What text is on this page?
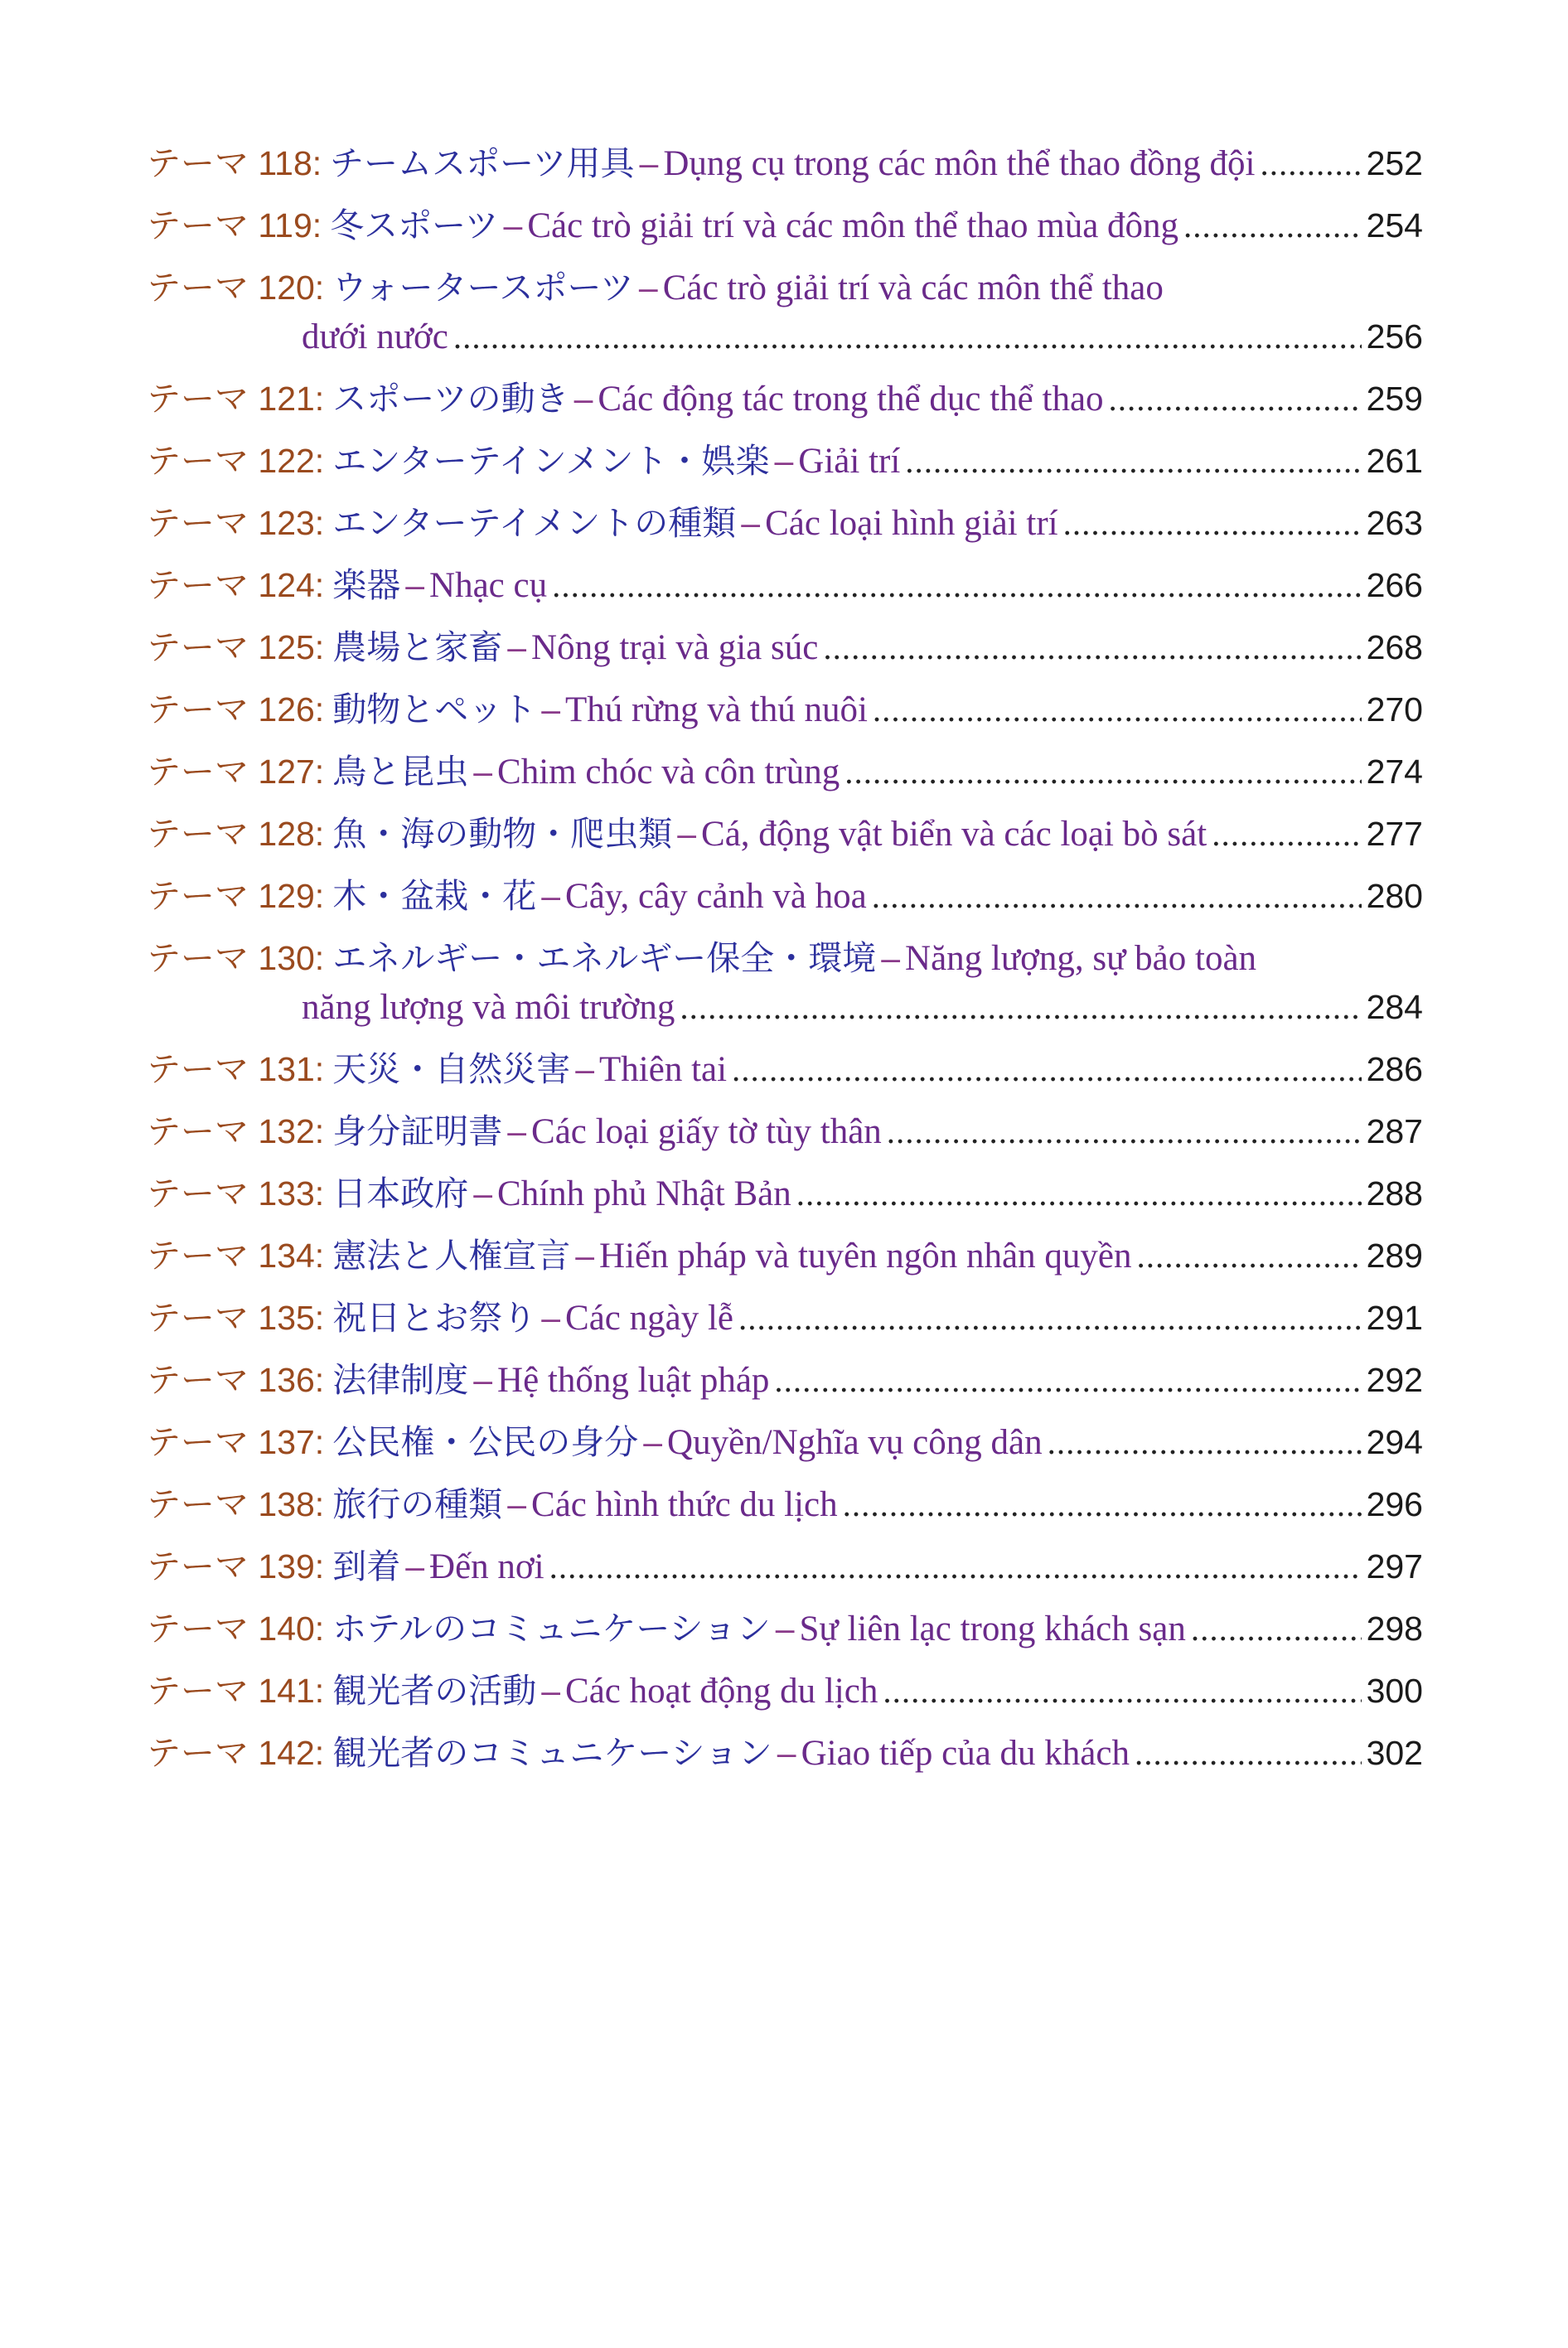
テーマ 118: チームスポーツ用具 – Dụng cụ trong các môn thể thao đồng đội .....	252
テーマ 119: 冬スポーツ – Các trò giải trí và các môn thể thao mùa đông .....	254
テーマ 120: ウォータースポーツ – Các trò giải trí và các môn thể thao
dưới nước .....	256
テーマ 121: スポーツの動き – Các động tác trong thể dục thể thao .....	259
テーマ 122: エンターテインメント・娯楽 – Giải trí .....	261
テーマ 123: エンターテイメントの種類 – Các loại hình giải trí .....	263
テーマ 124: 楽器 – Nhạc cụ .....	266
テーマ 125: 農場と家畜 – Nông trại và gia súc .....	268
テーマ 126: 動物とペット – Thú rừng và thú nuôi .....	270
テーマ 127: 鳥と昆虫 – Chim chóc và côn trùng .....	274
テーマ 128: 魚・海の動物・爬虫類 – Cá, động vật biển và các loại bò sát .....	277
テーマ 129: 木・盆栽・花 – Cây, cây cảnh và hoa .....	280
テーマ 130: エネルギー・エネルギー保全・環境 – Năng lượng, sự bảo toàn
năng lượng và môi trường .....	284
テーマ 131: 天災・自然災害 – Thiên tai .....	286
テーマ 132: 身分証明書 – Các loại giấy tờ tùy thân .....	287
テーマ 133: 日本政府 – Chính phủ Nhật Bản .....	288
テーマ 134: 憲法と人権宣言 – Hiến pháp và tuyên ngôn nhân quyền .....	289
テーマ 135: 祝日とお祭り – Các ngày lễ .....	291
テーマ 136: 法律制度 – Hệ thống luật pháp .....	292
テーマ 137: 公民権・公民の身分 – Quyền/Nghĩa vụ công dân .....	294
テーマ 138: 旅行の種類 – Các hình thức du lịch .....	296
テーマ 139: 到着 – Đến nơi .....	297
テーマ 140: ホテルのコミュニケーション – Sự liên lạc trong khách sạn .....	298
テーマ 141: 観光者の活動 – Các hoạt động du lịch .....	300
テーマ 142: 観光者のコミュニケーション – Giao tiếp của du khách .....	302
